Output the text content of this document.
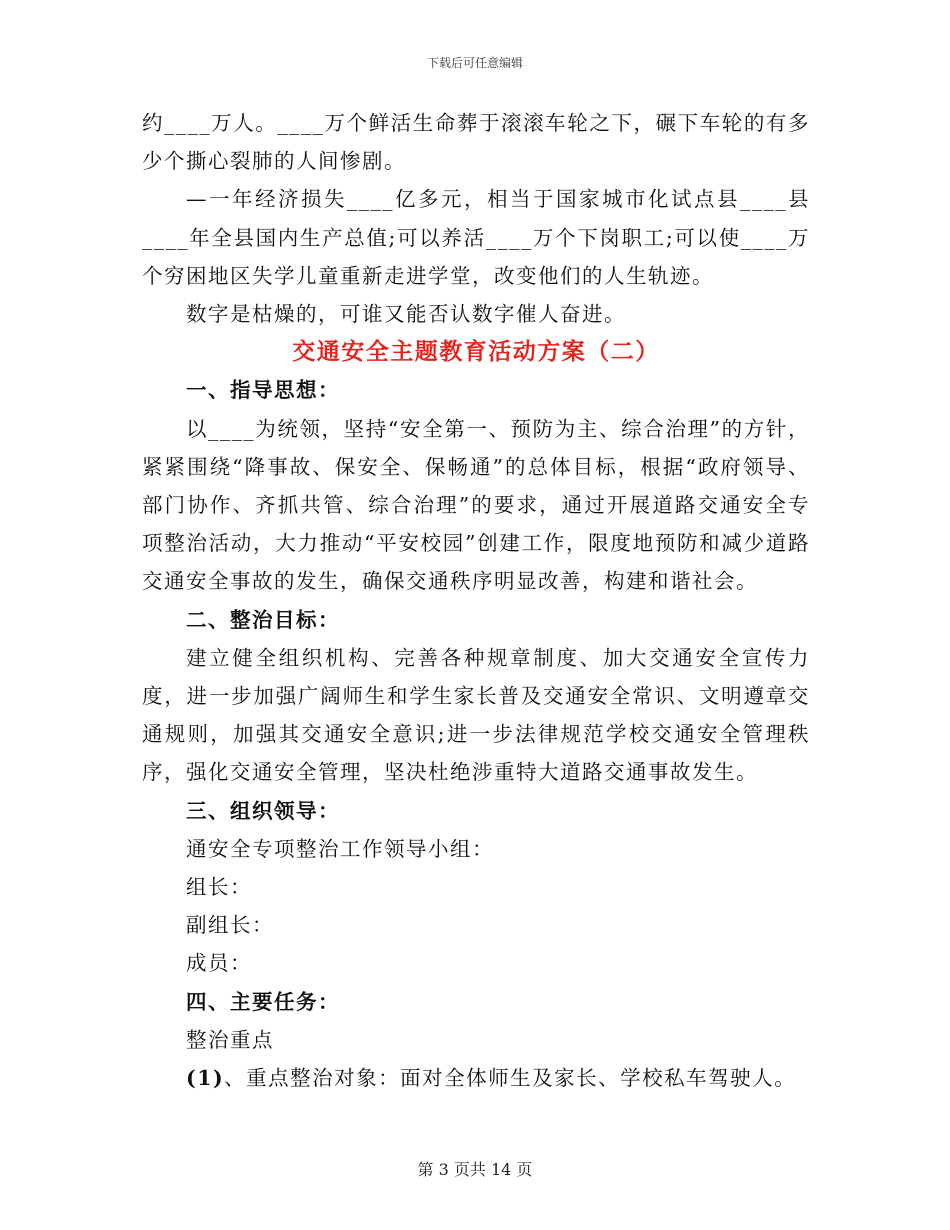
下载后可任意编辑

约____万人。____万个鲜活生命葬于滚滚车轮之下，碾下车轮的有多少个撕心裂肺的人间惨剧。

—一年经济损失____亿多元，相当于国家城市化试点县____县____年全县国内生产总值;可以养活____万个下岗职工;可以使____万个穷困地区失学儿童重新走进学堂，改变他们的人生轨迹。

数字是枯燥的，可谁又能否认数字催人奋进。

交通安全主题教育活动方案（二）

一、指导思想：

以____为统领，坚持“安全第一、预防为主、综合治理”的方针，紧紧围绕“降事故、保安全、保畅通”的总体目标，根据“政府领导、部门协作、齐抓共管、综合治理”的要求，通过开展道路交通安全专项整治活动，大力推动“平安校园”创建工作，限度地预防和减少道路交通安全事故的发生，确保交通秩序明显改善，构建和谐社会。

二、整治目标：

建立健全组织机构、完善各种规章制度、加大交通安全宣传力度，进一步加强广阔师生和学生家长普及交通安全常识、文明遵章交通规则，加强其交通安全意识;进一步法律规范学校交通安全管理秩序，强化交通安全管理，坚决杜绝涉重特大道路交通事故发生。

三、组织领导：

通安全专项整治工作领导小组：

组长：

副组长：

成员：

四、主要任务：

整治重点

(1)、重点整治对象：面对全体师生及家长、学校私车驾驶人。

第 3 页共 14 页
